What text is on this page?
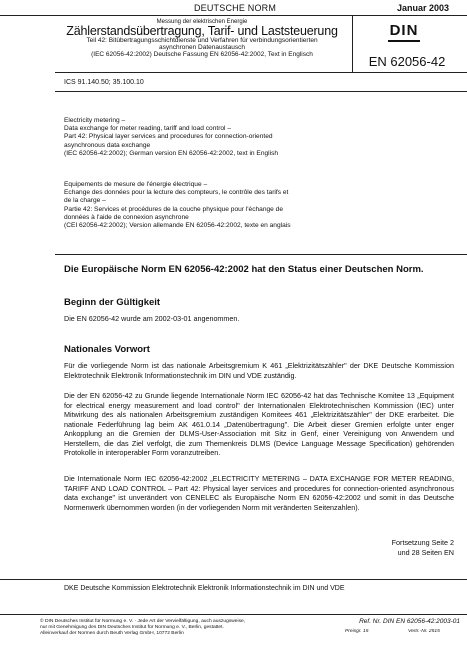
DEUTSCHE NORM	Januar 2003
Messung der elektrischen Energie
Zählerstandsübertragung, Tarif- und Laststeuerung
Teil 42: Bitübertragungsschichtdienste und Verfahren für verbindungsorientierten
asynchronen Datenaustausch
(IEC 62056-42:2002) Deutsche Fassung EN 62056-42:2002, Text in Englisch
DIN
EN 62056-42
ICS 91.140.50; 35.100.10
Electricity metering –
Data exchange for meter reading, tariff and load control –
Part 42: Physical layer services and procedures for connection-oriented
asynchronous data exchange
(IEC 62056-42:2002); German version EN 62056-42:2002, text in English
Equipements de mesure de l'énergie électrique –
Echange des données pour la lecture des compteurs, le contrôle des tarifs et
de la charge –
Partie 42: Services et procédures de la couche physique pour l'échange de
données à l'aide de connexion asynchrone
(CEI 62056-42:2002); Version allemande EN 62056-42:2002, texte en anglais
Die Europäische Norm EN 62056-42:2002 hat den Status einer Deutschen Norm.
Beginn der Gültigkeit
Die EN 62056-42 wurde am 2002-03-01 angenommen.
Nationales Vorwort
Für die vorliegende Norm ist das nationale Arbeitsgremium K 461 „Elektrizitätszähler" der DKE Deutsche Kommission Elektrotechnik Elektronik Informationstechnik im DIN und VDE zuständig.
Die der EN 62056-42 zu Grunde liegende Internationale Norm IEC 62056-42 hat das Technische Komitee 13 „Equipment for electrical energy measurement and load control" der Internationalen Elektrotechnischen Kommission (IEC) unter Mitwirkung des als nationalen Arbeitsgremium zuständigen Komitees 461 „Elektrizitätszähler" der DKE erarbeitet. Die nationale Federführung lag beim AK 461.0.14 „Datenübertragung". Die Arbeit dieser Gremien erfolgte unter enger Ankopplung an die Gremien der DLMS-User-Association mit Sitz in Genf, einer Vereinigung von Anwendern und Herstellern, die das Ziel verfolgt, die zum Themenkreis DLMS (Device Language Message Specification) gehörenden Protokolle in interoperabler Form voranzutreiben.
Die Internationale Norm IEC 62056-42:2002 „ELECTRICITY METERING – DATA EXCHANGE FOR METER READING, TARIFF AND LOAD CONTROL – Part 42: Physical layer services and procedures for connection-oriented asynchronous data exchange" ist unverändert von CENELEC als Europäische Norm EN 62056-42:2002 und somit in das Deutsche Normenwerk übernommen worden (in der vorliegenden Norm mit veränderten Seitenzahlen).
Fortsetzung Seite 2
und 28 Seiten EN
DKE Deutsche Kommission Elektrotechnik Elektronik Informationstechnik im DIN und VDE
© DIN Deutsches Institut für Normung e. V. · Jede Art der Vervielfältigung, auch auszugsweise,
nur mit Genehmigung des DIN Deutsches Institut für Normung e. V., Berlin, gestattet.
Alleinverkauf der Normen durch Beuth Verlag GmbH, 10772 Berlin
Ref. Nr. DIN EN 62056-42:2003-01
Preisgr. 15	Vertr.-Nr. 2515
